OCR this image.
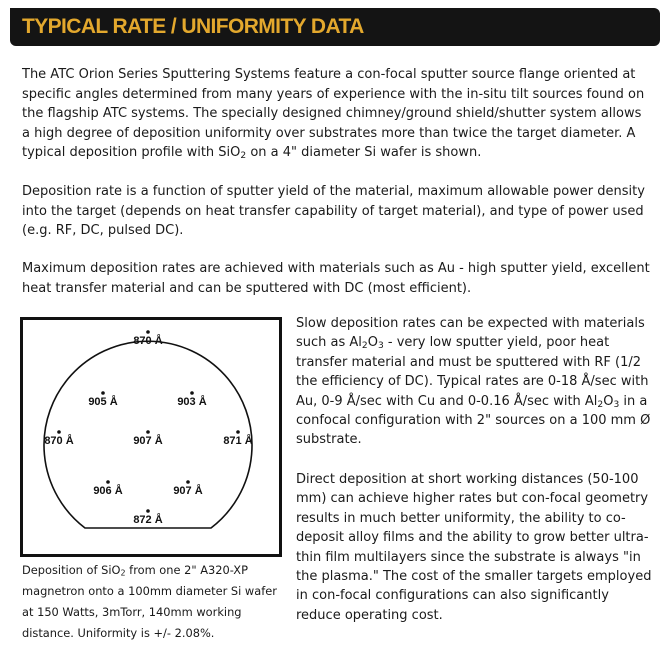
TYPICAL RATE / UNIFORMITY DATA

The ATC Orion Series Sputtering Systems feature a con-focal sputter source flange oriented at specific angles determined from many years of experience with the in-situ tilt sources found on the flagship ATC systems. The specially designed chimney/ground shield/shutter system allows a high degree of deposition uniformity over substrates more than twice the target diameter. A typical deposition profile with SiO$_2$ on a 4" diameter Si wafer is shown.

Deposition rate is a function of sputter yield of the material, maximum allowable power density into the target (depends on heat transfer capability of target material), and type of power used (e.g. RF, DC, pulsed DC).

Maximum deposition rates are achieved with materials such as Au - high sputter yield, excellent heat transfer material and can be sputtered with DC (most efficient).

870 Å
905 Å	903 Å
870 Å	907 Å	871 Å
906 Å	907 Å
872 Å

Deposition of SiO$_2$ from one 2" A320-XP magnetron onto a 100mm diameter Si wafer at 150 Watts, 3mTorr, 140mm working distance. Uniformity is +/- 2.08%.

Slow deposition rates can be expected with materials such as $Al_2O_3$ - very low sputter yield, poor heat transfer material and must be sputtered with RF (1/2 the efficiency of DC). Typical rates are 0-18 Å/sec with Au, 0-9 Å/sec with Cu and 0-0.16 Å/sec with $Al_2O_3$ in a confocal configuration with 2" sources on a 100 mm Ø substrate.

Direct deposition at short working distances (50-100 mm) can achieve higher rates but con-focal geometry results in much better uniformity, the ability to co-deposit alloy films and the ability to grow better ultra-thin film multilayers since the substrate is always "in the plasma." The cost of the smaller targets employed in con-focal configurations can also significantly reduce operating cost.
